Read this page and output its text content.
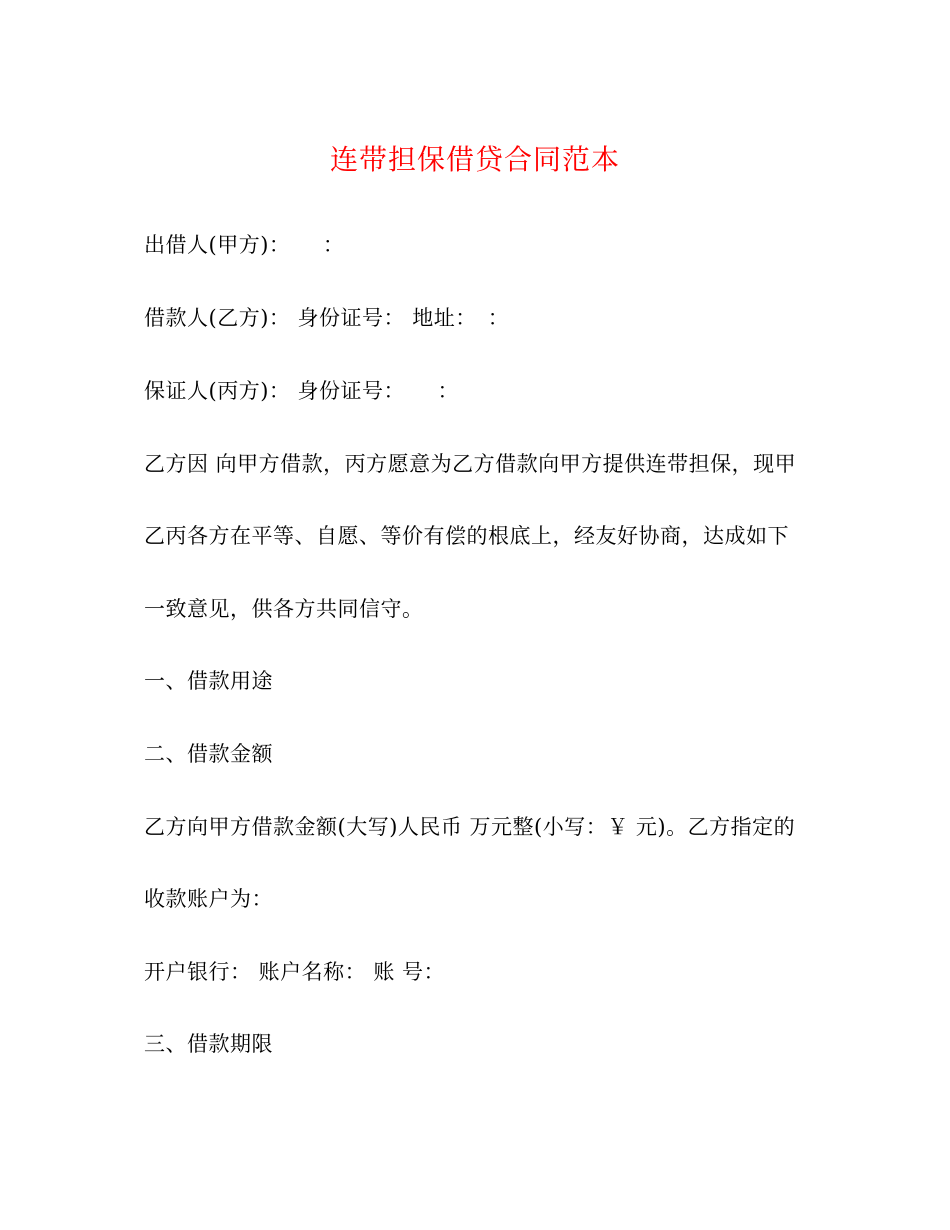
连带担保借贷合同范本
出借人(甲方)：　　：
借款人(乙方)： 身份证号： 地址：　：
保证人(丙方)： 身份证号：　　：
乙方因 向甲方借款，丙方愿意为乙方借款向甲方提供连带担保，现甲
乙丙各方在平等、自愿、等价有偿的根底上，经友好协商，达成如下
一致意见，供各方共同信守。
一、借款用途
二、借款金额
乙方向甲方借款金额(大写)人民币 万元整(小写：￥ 元)。乙方指定的
收款账户为：
开户银行： 账户名称： 账 号：
三、借款期限
